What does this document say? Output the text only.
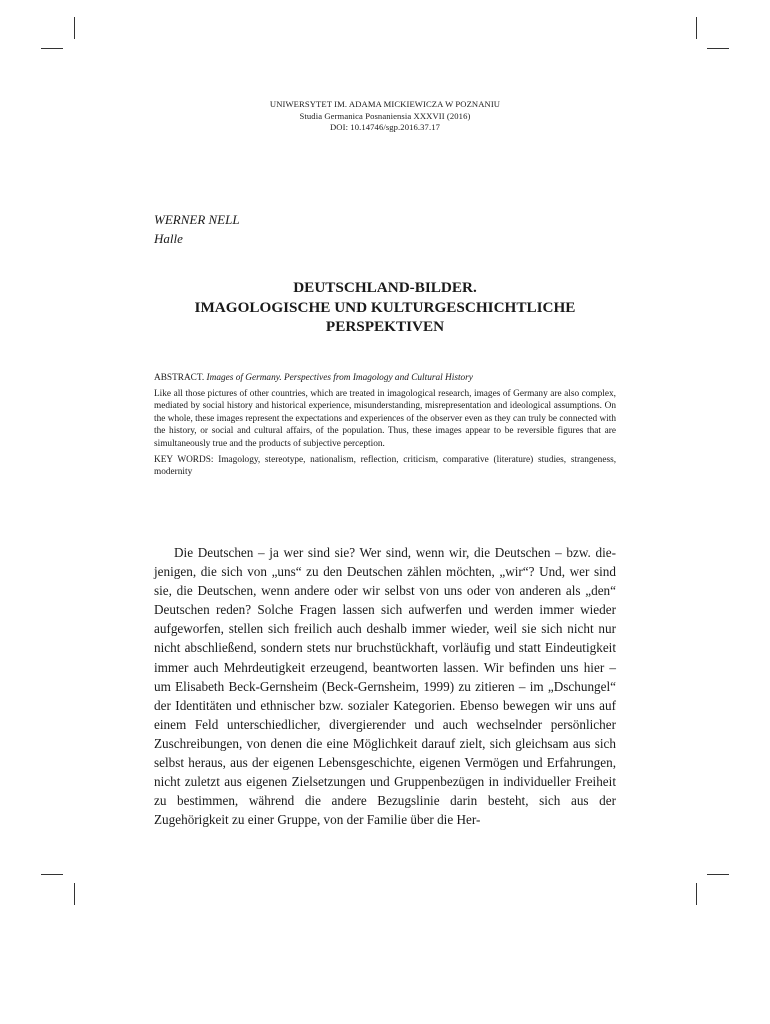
UNIWERSYTET IM. ADAMA MICKIEWICZA W POZNANIU
Studia Germanica Posnaniensia XXXVII (2016)
DOI: 10.14746/sgp.2016.37.17
WERNER NELL
Halle
DEUTSCHLAND-BILDER.
IMAGOLOGISCHE UND KULTURGESCHICHTLICHE
PERSPEKTIVEN
ABSTRACT. Images of Germany. Perspectives from Imagology and Cultural History

Like all those pictures of other countries, which are treated in imagological research, images of Germany are also complex, mediated by social history and historical experience, misunderstanding, misrepresentation and ideological assumptions. On the whole, these images represent the expectations and experiences of the observer even as they can truly be connected with the history, or social and cultural affairs, of the population. Thus, these images appear to be reversible figures that are simultaneously true and the products of subjective perception.

KEY WORDS: Imagology, stereotype, nationalism, reflection, criticism, comparative (literature) studies, strangeness, modernity

Die Deutschen – ja wer sind sie? Wer sind, wenn wir, die Deutschen – bzw. diejenigen, die sich von „uns“ zu den Deutschen zählen möchten, „wir“? Und, wer sind sie, die Deutschen, wenn andere oder wir selbst von uns oder von anderen als „den“ Deutschen reden? Solche Fragen lassen sich aufwerfen und werden immer wieder aufgeworfen, stellen sich freilich auch deshalb immer wieder, weil sie sich nicht nur nicht abschließend, sondern stets nur bruchstückhaft, vorläufig und statt Eindeutigkeit immer auch Mehrdeutigkeit erzeugend, beantworten lassen. Wir befinden uns hier – um Elisabeth Beck-Gernsheim (Beck-Gernsheim, 1999) zu zitieren – im „Dschungel“ der Identitäten und ethnischer bzw. sozialer Kategorien. Ebenso bewegen wir uns auf einem Feld unterschiedlicher, divergierender und auch wechselnder persönlicher Zuschreibungen, von denen die eine Möglichkeit darauf zielt, sich gleichsam aus sich selbst heraus, aus der eigenen Lebensgeschichte, eigenen Vermögen und Erfahrungen, nicht zuletzt aus eigenen Zielsetzungen und Gruppenbezügen in individueller Freiheit zu bestimmen, während die andere Bezugslinie darin besteht, sich aus der Zugehörigkeit zu einer Gruppe, von der Familie über die Her-
